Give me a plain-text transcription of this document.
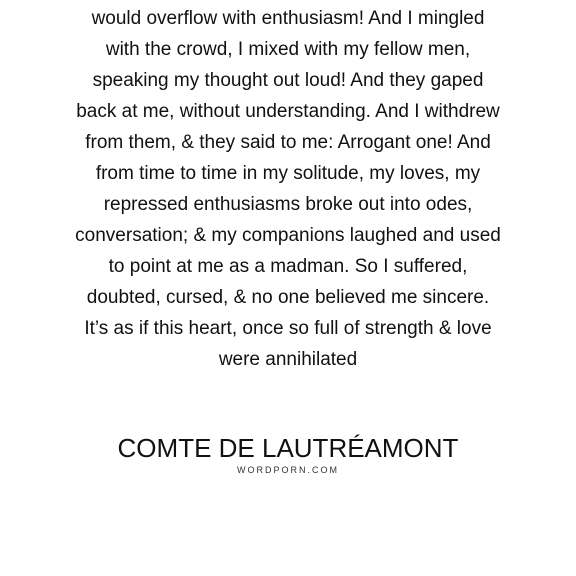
would overflow with enthusiasm! And I mingled
with the crowd, I mixed with my fellow men,
speaking my thought out loud! And they gaped
back at me, without understanding. And I withdrew
from them, & they said to me: Arrogant one! And
from time to time in my solitude, my loves, my
repressed enthusiasms broke out into odes,
conversation; & my companions laughed and used
to point at me as a madman. So I suffered,
doubted, cursed, & no one believed me sincere.
It’s as if this heart, once so full of strength & love
were annihilated
COMTE DE LAUTRÉAMONT
WORDPORN.COM
